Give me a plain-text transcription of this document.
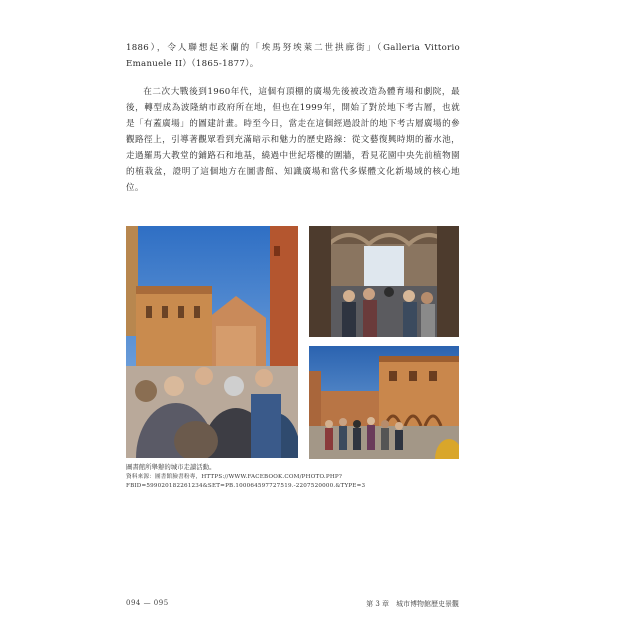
1886），令人聯想起米蘭的「埃馬努埃萊二世拱廊街」（Galleria Vittorio Emanuele II）（1865-1877）。

在二次大戰後到1960年代，這個有頂棚的廣場先後被改造為體育場和劇院，最後，轉型成為波隆納市政府所在地，但也在1999年，開始了對於地下考古層，也就是「有蓋廣場」的圖建計畫。時至今日，當走在這個經過設計的地下考古層廣場的參觀路徑上，引導著觀眾看到充滿暗示和魅力的歷史路線：從文藝復興時期的蓄水池，走過羅馬大教堂的鋪路石和地基，繞過中世紀塔樓的圍牆，看見花園中央先前植物園的植栽盆，證明了這個地方在圖書館、知識廣場和當代多媒體文化新場域的核心地位。

圖書館所舉辦的城市走讀活動。
資料來源：圖書館臉書粉專，HTTPS://WWW.FACEBOOK.COM/PHOTO.PHP?FBID=599020182261234&SET=PB.100064597727519.-2207520000.&TYPE=3
094 — 095	第 3 章　城市博物館歷史景觀
